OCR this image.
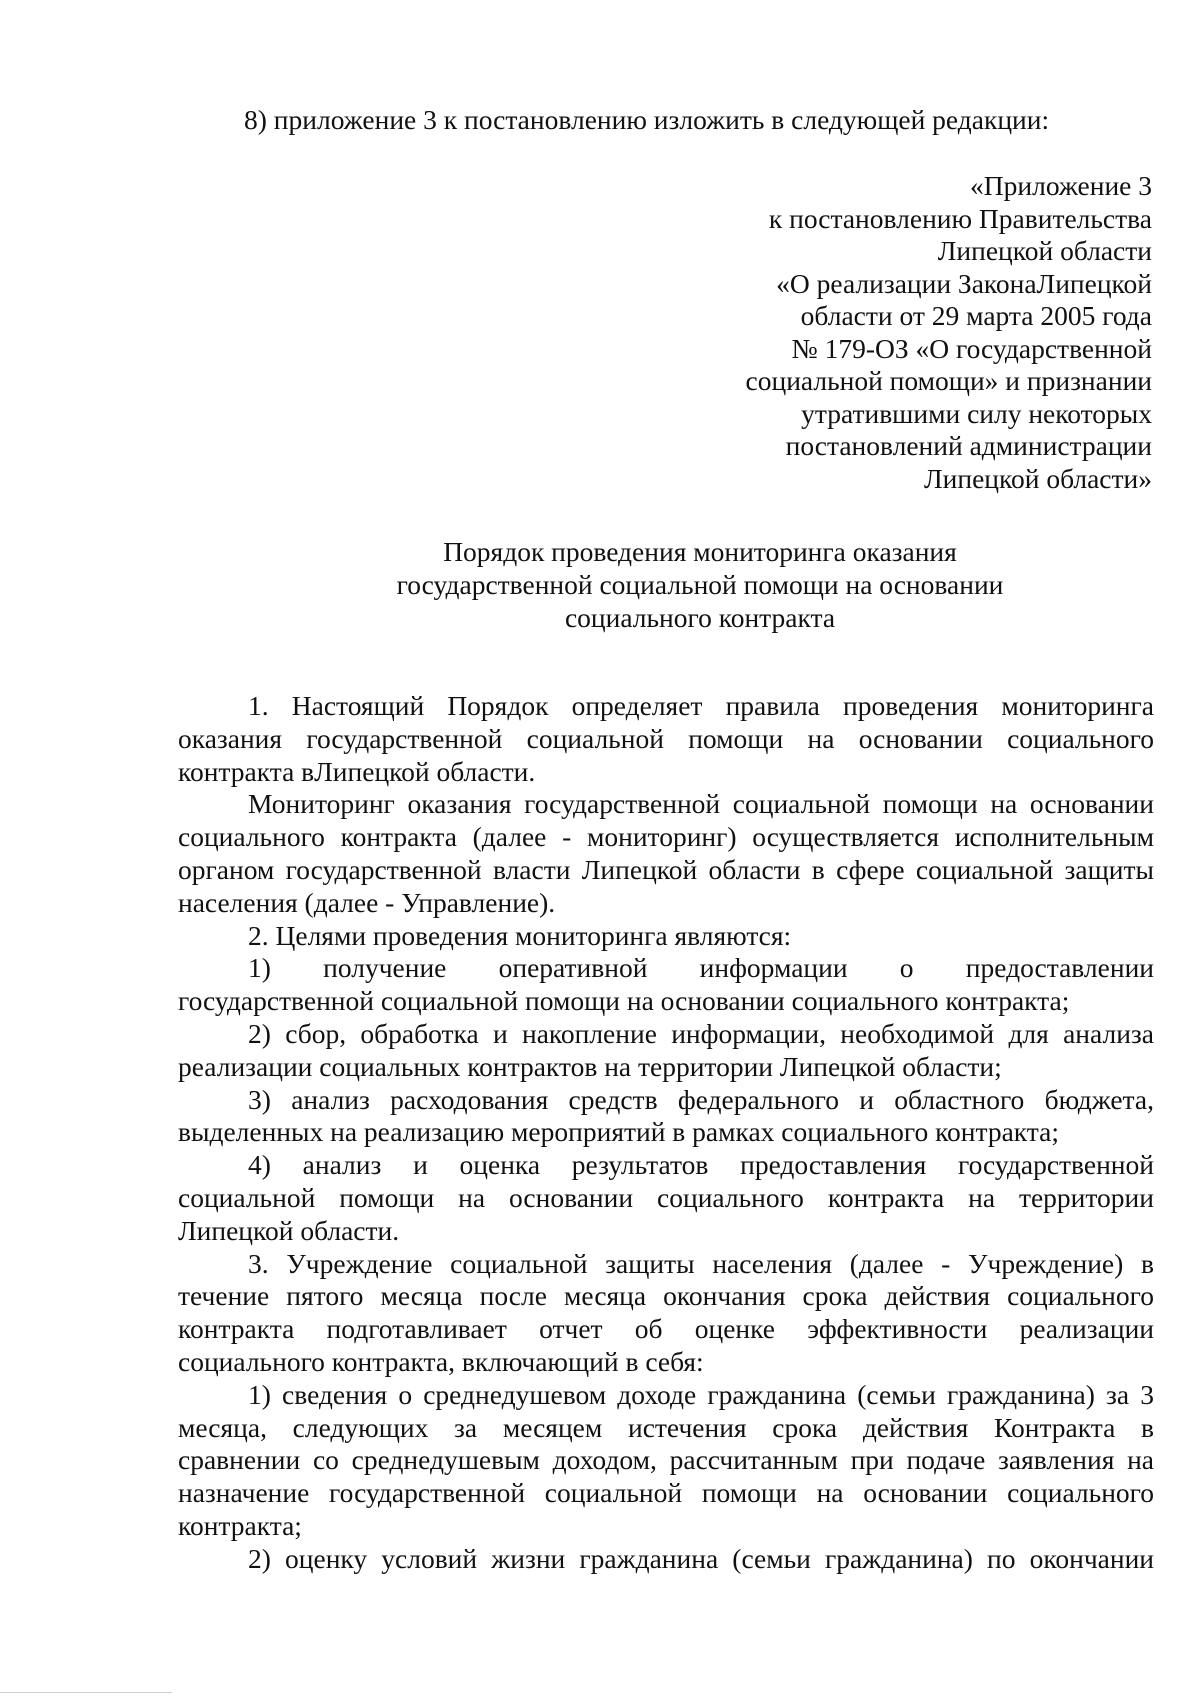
8) приложение 3 к постановлению изложить в следующей редакции:
«Приложение 3
к постановлению Правительства
Липецкой области
«О реализации ЗаконаЛипецкой
области от 29 марта 2005 года
№ 179-ОЗ «О государственной
социальной помощи» и признании
утратившими силу некоторых
постановлений администрации
Липецкой области»
Порядок проведения мониторинга оказания
государственной социальной помощи на основании
социального контракта
1. Настоящий Порядок определяет правила проведения мониторинга
оказания государственной социальной помощи на основании социального
контракта вЛипецкой области.
Мониторинг оказания государственной социальной помощи на основании
социального контракта (далее - мониторинг) осуществляется исполнительным
органом государственной власти Липецкой области в сфере социальной защиты
населения (далее - Управление).
2. Целями проведения мониторинга являются:
1) получение оперативной информации о предоставлении
государственной социальной помощи на основании социального контракта;
2) сбор, обработка и накопление информации, необходимой для анализа
реализации социальных контрактов на территории Липецкой области;
3) анализ расходования средств федерального и областного бюджета,
выделенных на реализацию мероприятий в рамках социального контракта;
4) анализ и оценка результатов предоставления государственной
социальной помощи на основании социального контракта на территории
Липецкой области.
3. Учреждение социальной защиты населения (далее - Учреждение) в
течение пятого месяца после месяца окончания срока действия социального
контракта подготавливает отчет об оценке эффективности реализации
социального контракта, включающий в себя:
1) сведения о среднедушевом доходе гражданина (семьи гражданина) за 3
месяца, следующих за месяцем истечения срока действия Контракта в
сравнении со среднедушевым доходом, рассчитанным при подаче заявления на
назначение государственной социальной помощи на основании социального
контракта;
2) оценку условий жизни гражданина (семьи гражданина) по окончании
